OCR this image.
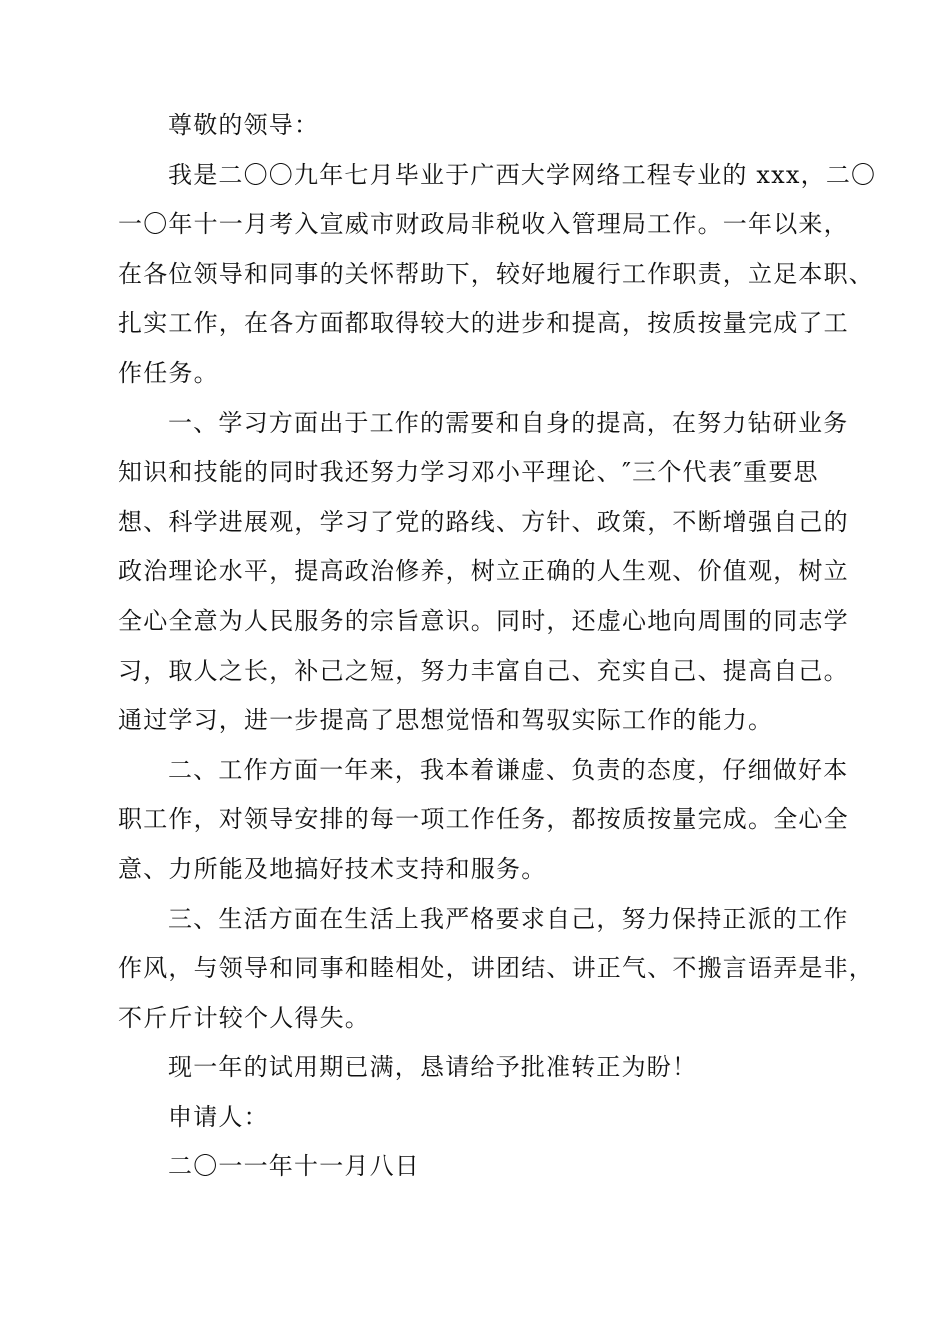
尊敬的领导：

我是二〇〇九年七月毕业于广西大学网络工程专业的 xxx，二〇
一〇年十一月考入宣威市财政局非税收入管理局工作。一年以来，
在各位领导和同事的关怀帮助下，较好地履行工作职责，立足本职、
扎实工作，在各方面都取得较大的进步和提高，按质按量完成了工
作任务。

一、学习方面出于工作的需要和自身的提高，在努力钻研业务
知识和技能的同时我还努力学习邓小平理论、″三个代表″重要思
想、科学进展观，学习了党的路线、方针、政策，不断增强自己的
政治理论水平，提高政治修养，树立正确的人生观、价值观，树立
全心全意为人民服务的宗旨意识。同时，还虚心地向周围的同志学
习，取人之长，补己之短，努力丰富自己、充实自己、提高自己。
通过学习，进一步提高了思想觉悟和驾驭实际工作的能力。

二、工作方面一年来，我本着谦虚、负责的态度，仔细做好本
职工作，对领导安排的每一项工作任务，都按质按量完成。全心全
意、力所能及地搞好技术支持和服务。

三、生活方面在生活上我严格要求自己，努力保持正派的工作
作风，与领导和同事和睦相处，讲团结、讲正气、不搬言语弄是非，
不斤斤计较个人得失。

现一年的试用期已满，恳请给予批准转正为盼！

申请人：

二〇一一年十一月八日
